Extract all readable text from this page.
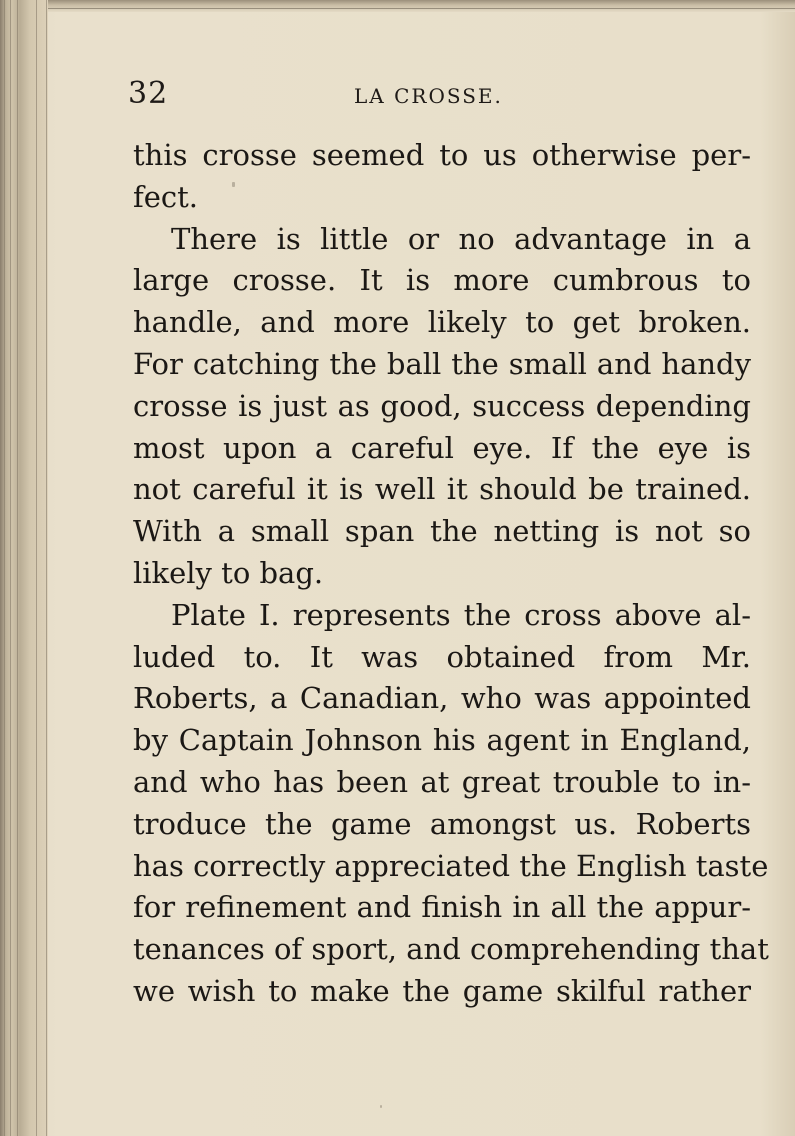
32	LA CROSSE.
this crosse seemed to us otherwise per-
fect.
There is little or no advantage in a
large crosse. It is more cumbrous to
handle, and more likely to get broken.
For catching the ball the small and handy
crosse is just as good, success depending
most upon a careful eye. If the eye is
not careful it is well it should be trained.
With a small span the netting is not so
likely to bag.
Plate I. represents the cross above al-
luded to. It was obtained from Mr.
Roberts, a Canadian, who was appointed
by Captain Johnson his agent in England,
and who has been at great trouble to in-
troduce the game amongst us. Roberts
has correctly appreciated the English taste
for refinement and finish in all the appur-
tenances of sport, and comprehending that
we wish to make the game skilful rather
